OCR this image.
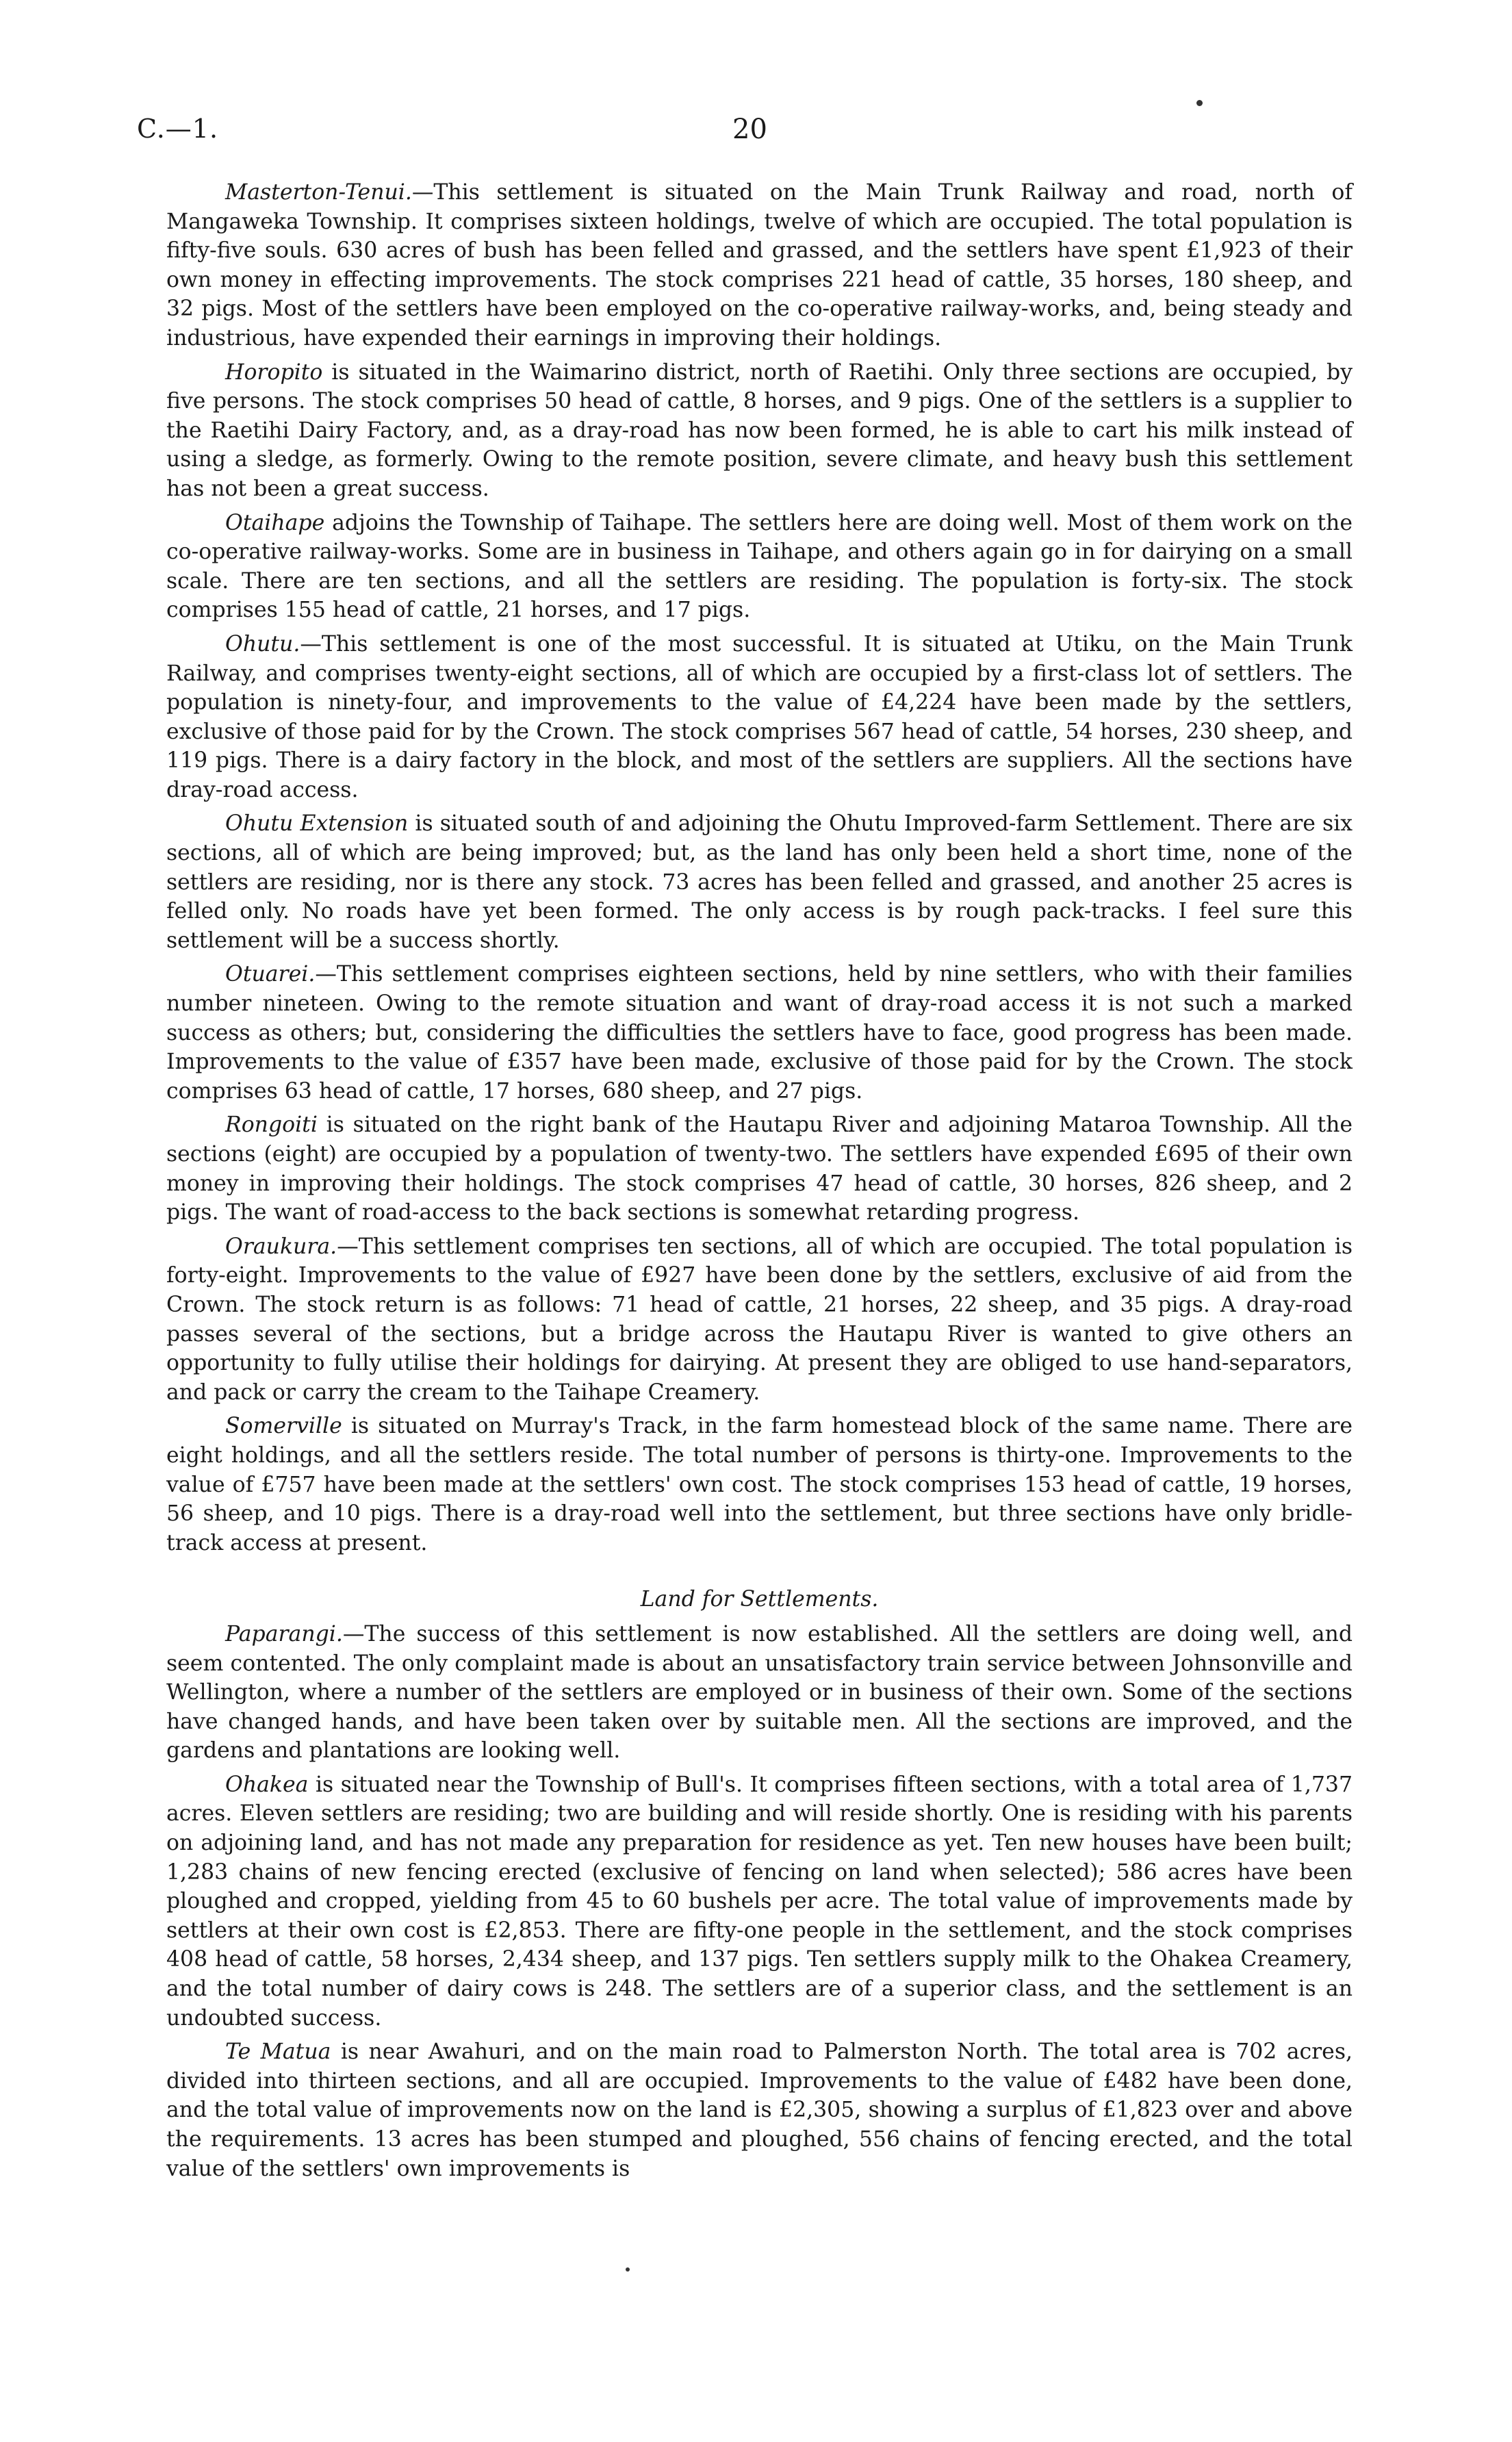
C.—1.	20

Masterton-Tenui.—This settlement is situated on the Main Trunk Railway and road, north of Mangaweka Township. It comprises sixteen holdings, twelve of which are occupied. The total population is fifty-five souls. 630 acres of bush has been felled and grassed, and the settlers have spent £1,923 of their own money in effecting improvements. The stock comprises 221 head of cattle, 35 horses, 180 sheep, and 32 pigs. Most of the settlers have been employed on the co-operative railway-works, and, being steady and industrious, have expended their earnings in improving their holdings.

Horopito is situated in the Waimarino district, north of Raetihi. Only three sections are occupied, by five persons. The stock comprises 50 head of cattle, 8 horses, and 9 pigs. One of the settlers is a supplier to the Raetihi Dairy Factory, and, as a dray-road has now been formed, he is able to cart his milk instead of using a sledge, as formerly. Owing to the remote position, severe climate, and heavy bush this settlement has not been a great success.

Otaihape adjoins the Township of Taihape. The settlers here are doing well. Most of them work on the co-operative railway-works. Some are in business in Taihape, and others again go in for dairying on a small scale. There are ten sections, and all the settlers are residing. The population is forty-six. The stock comprises 155 head of cattle, 21 horses, and 17 pigs.

Ohutu.—This settlement is one of the most successful. It is situated at Utiku, on the Main Trunk Railway, and comprises twenty-eight sections, all of which are occupied by a first-class lot of settlers. The population is ninety-four, and improvements to the value of £4,224 have been made by the settlers, exclusive of those paid for by the Crown. The stock comprises 567 head of cattle, 54 horses, 230 sheep, and 119 pigs. There is a dairy factory in the block, and most of the settlers are suppliers. All the sections have dray-road access.

Ohutu Extension is situated south of and adjoining the Ohutu Improved-farm Settlement. There are six sections, all of which are being improved; but, as the land has only been held a short time, none of the settlers are residing, nor is there any stock. 73 acres has been felled and grassed, and another 25 acres is felled only. No roads have yet been formed. The only access is by rough pack-tracks. I feel sure this settlement will be a success shortly.

Otuarei.—This settlement comprises eighteen sections, held by nine settlers, who with their families number nineteen. Owing to the remote situation and want of dray-road access it is not such a marked success as others; but, considering the difficulties the settlers have to face, good progress has been made. Improvements to the value of £357 have been made, exclusive of those paid for by the Crown. The stock comprises 63 head of cattle, 17 horses, 680 sheep, and 27 pigs.

Rongoiti is situated on the right bank of the Hautapu River and adjoining Mataroa Township. All the sections (eight) are occupied by a population of twenty-two. The settlers have expended £695 of their own money in improving their holdings. The stock comprises 47 head of cattle, 30 horses, 826 sheep, and 2 pigs. The want of road-access to the back sections is somewhat retarding progress.

Oraukura.—This settlement comprises ten sections, all of which are occupied. The total population is forty-eight. Improvements to the value of £927 have been done by the settlers, exclusive of aid from the Crown. The stock return is as follows: 71 head of cattle, 21 horses, 22 sheep, and 35 pigs. A dray-road passes several of the sections, but a bridge across the Hautapu River is wanted to give others an opportunity to fully utilise their holdings for dairying. At present they are obliged to use hand-separators, and pack or carry the cream to the Taihape Creamery.

Somerville is situated on Murray's Track, in the farm homestead block of the same name. There are eight holdings, and all the settlers reside. The total number of persons is thirty-one. Improvements to the value of £757 have been made at the settlers' own cost. The stock comprises 153 head of cattle, 19 horses, 56 sheep, and 10 pigs. There is a dray-road well into the settlement, but three sections have only bridle-track access at present.

Land for Settlements.

Paparangi.—The success of this settlement is now established. All the settlers are doing well, and seem contented. The only complaint made is about an unsatisfactory train service between Johnsonville and Wellington, where a number of the settlers are employed or in business of their own. Some of the sections have changed hands, and have been taken over by suitable men. All the sections are improved, and the gardens and plantations are looking well.

Ohakea is situated near the Township of Bull's. It comprises fifteen sections, with a total area of 1,737 acres. Eleven settlers are residing; two are building and will reside shortly. One is residing with his parents on adjoining land, and has not made any preparation for residence as yet. Ten new houses have been built; 1,283 chains of new fencing erected (exclusive of fencing on land when selected); 586 acres have been ploughed and cropped, yielding from 45 to 60 bushels per acre. The total value of improvements made by settlers at their own cost is £2,853. There are fifty-one people in the settlement, and the stock comprises 408 head of cattle, 58 horses, 2,434 sheep, and 137 pigs. Ten settlers supply milk to the Ohakea Creamery, and the total number of dairy cows is 248. The settlers are of a superior class, and the settlement is an undoubted success.

Te Matua is near Awahuri, and on the main road to Palmerston North. The total area is 702 acres, divided into thirteen sections, and all are occupied. Improvements to the value of £482 have been done, and the total value of improvements now on the land is £2,305, showing a surplus of £1,823 over and above the requirements. 13 acres has been stumped and ploughed, 556 chains of fencing erected, and the total value of the settlers' own improvements is
